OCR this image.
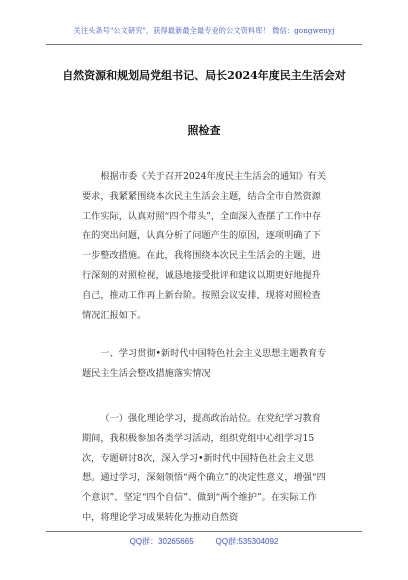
关注头条号"公文研究"，获得最新最全最专业的公文资料库！ 微信：gongwenyj
自然资源和规划局党组书记、局长2024年度民主生活会对
照检查
根据市委《关于召开2024年度民主生活会的通知》有关要求，我紧紧围绕本次民主生活会主题，结合全市自然资源工作实际，认真对照“四个带头”，全面深入查摆了工作中存在的突出问题，认真分析了问题产生的原因，逐项明确了下一步整改措施。在此，我将围绕本次民主生活会的主题，进行深刻的对照检视，诚恳地接受批评和建议以期更好地提升自己，推动工作再上新台阶。按照会议安排，现将对照检查情况汇报如下。
一、学习贯彻•新时代中国特色社会主义思想主题教育专题民主生活会整改措施落实情况
（一）强化理论学习，提高政治站位。在党纪学习教育期间，我积极参加各类学习活动，组织党组中心组学习15次，专题研讨8次，深入学习•新时代中国特色社会主义思想。通过学习，深刻领悟“两个确立”的决定性意义，增强“四个意识”、坚定“四个自信”、做到“两个维护”。在实际工作中，将理论学习成果转化为推动自然资
QQ群：30265665	QQ群:535304092
